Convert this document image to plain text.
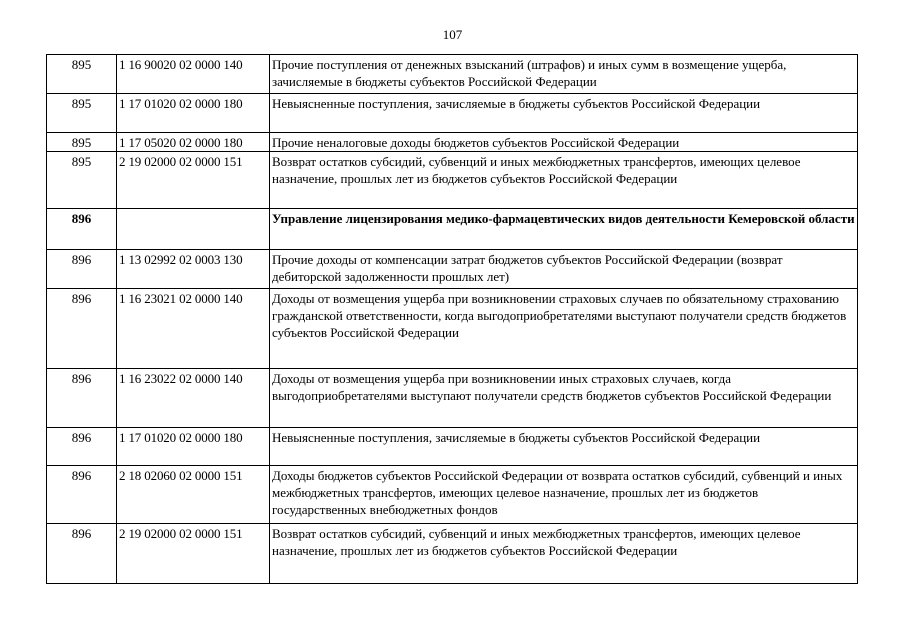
107
895	1 16 90020 02 0000 140	Прочие поступления от денежных взысканий (штрафов) и иных сумм в возмещение ущерба, зачисляемые в бюджеты субъектов Российской Федерации
895	1 17 01020 02 0000 180	Невыясненные поступления, зачисляемые в бюджеты субъектов Российской Федерации
895	1 17 05020 02 0000 180	Прочие неналоговые доходы бюджетов субъектов Российской Федерации
895	2 19 02000 02 0000 151	Возврат остатков субсидий, субвенций и иных межбюджетных трансфертов, имеющих целевое назначение, прошлых лет из бюджетов субъектов Российской Федерации
896		Управление лицензирования медико-фармацевтических видов деятельности Кемеровской области
896	1 13 02992 02 0003 130	Прочие доходы от компенсации затрат бюджетов субъектов Российской Федерации (возврат дебиторской задолженности прошлых лет)
896	1 16 23021 02 0000 140	Доходы от возмещения ущерба при возникновении страховых случаев по обязательному страхованию гражданской ответственности, когда выгодоприобретателями выступают получатели средств бюджетов субъектов Российской Федерации
896	1 16 23022 02 0000 140	Доходы от возмещения ущерба при возникновении иных страховых случаев, когда выгодоприобретателями выступают получатели средств бюджетов субъектов Российской Федерации
896	1 17 01020 02 0000 180	Невыясненные поступления, зачисляемые в бюджеты субъектов Российской Федерации
896	2 18 02060 02 0000 151	Доходы бюджетов субъектов Российской Федерации от возврата остатков субсидий, субвенций и иных межбюджетных трансфертов, имеющих целевое назначение, прошлых лет из бюджетов государственных внебюджетных фондов
896	2 19 02000 02 0000 151	Возврат остатков субсидий, субвенций и иных межбюджетных трансфертов, имеющих целевое назначение, прошлых лет из бюджетов субъектов Российской Федерации
